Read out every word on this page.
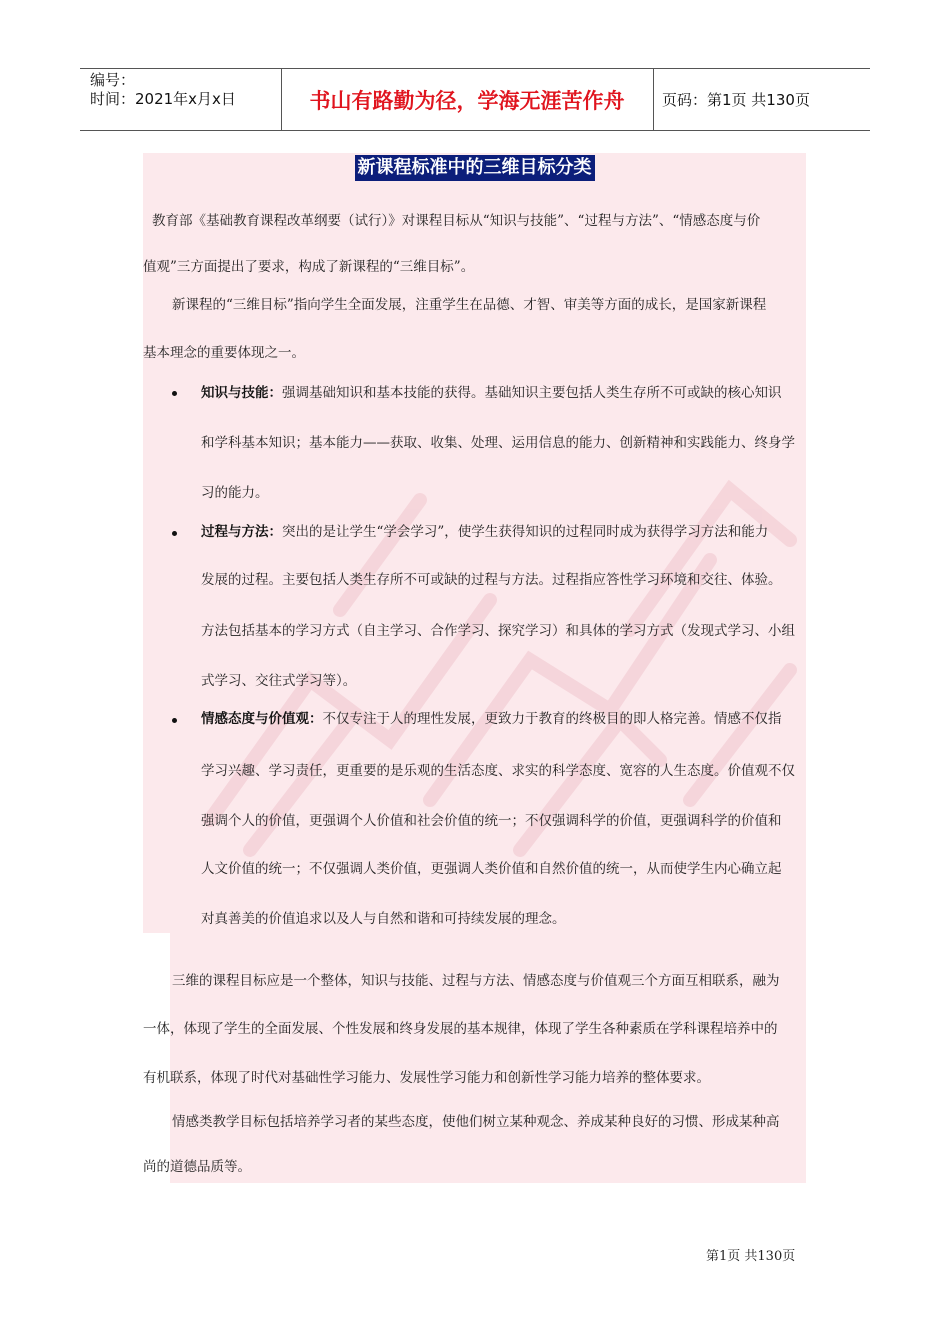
编号：
时间：2021年x月x日	书山有路勤为径，学海无涯苦作舟	页码：第1页 共130页
新课程标准中的三维目标分类
教育部《基础教育课程改革纲要（试行）》对课程目标从“知识与技能”、“过程与方法”、“情感态度与价
值观”三方面提出了要求，构成了新课程的“三维目标”。
新课程的“三维目标”指向学生全面发展，注重学生在品德、才智、审美等方面的成长，是国家新课程
基本理念的重要体现之一。
知识与技能：强调基础知识和基本技能的获得。基础知识主要包括人类生存所不可或缺的核心知识
和学科基本知识；基本能力——获取、收集、处理、运用信息的能力、创新精神和实践能力、终身学
习的能力。
过程与方法：突出的是让学生“学会学习”，使学生获得知识的过程同时成为获得学习方法和能力
发展的过程。主要包括人类生存所不可或缺的过程与方法。过程指应答性学习环境和交往、体验。
方法包括基本的学习方式（自主学习、合作学习、探究学习）和具体的学习方式（发现式学习、小组
式学习、交往式学习等）。
情感态度与价值观：不仅专注于人的理性发展，更致力于教育的终极目的即人格完善。情感不仅指
学习兴趣、学习责任，更重要的是乐观的生活态度、求实的科学态度、宽容的人生态度。价值观不仅
强调个人的价值，更强调个人价值和社会价值的统一；不仅强调科学的价值，更强调科学的价值和
人文价值的统一；不仅强调人类价值，更强调人类价值和自然价值的统一，从而使学生内心确立起
对真善美的价值追求以及人与自然和谐和可持续发展的理念。
三维的课程目标应是一个整体，知识与技能、过程与方法、情感态度与价值观三个方面互相联系，融为
一体，体现了学生的全面发展、个性发展和终身发展的基本规律，体现了学生各种素质在学科课程培养中的
有机联系，体现了时代对基础性学习能力、发展性学习能力和创新性学习能力培养的整体要求。
情感类教学目标包括培养学习者的某些态度，使他们树立某种观念、养成某种良好的习惯、形成某种高
尚的道德品质等。
第1页 共130页
